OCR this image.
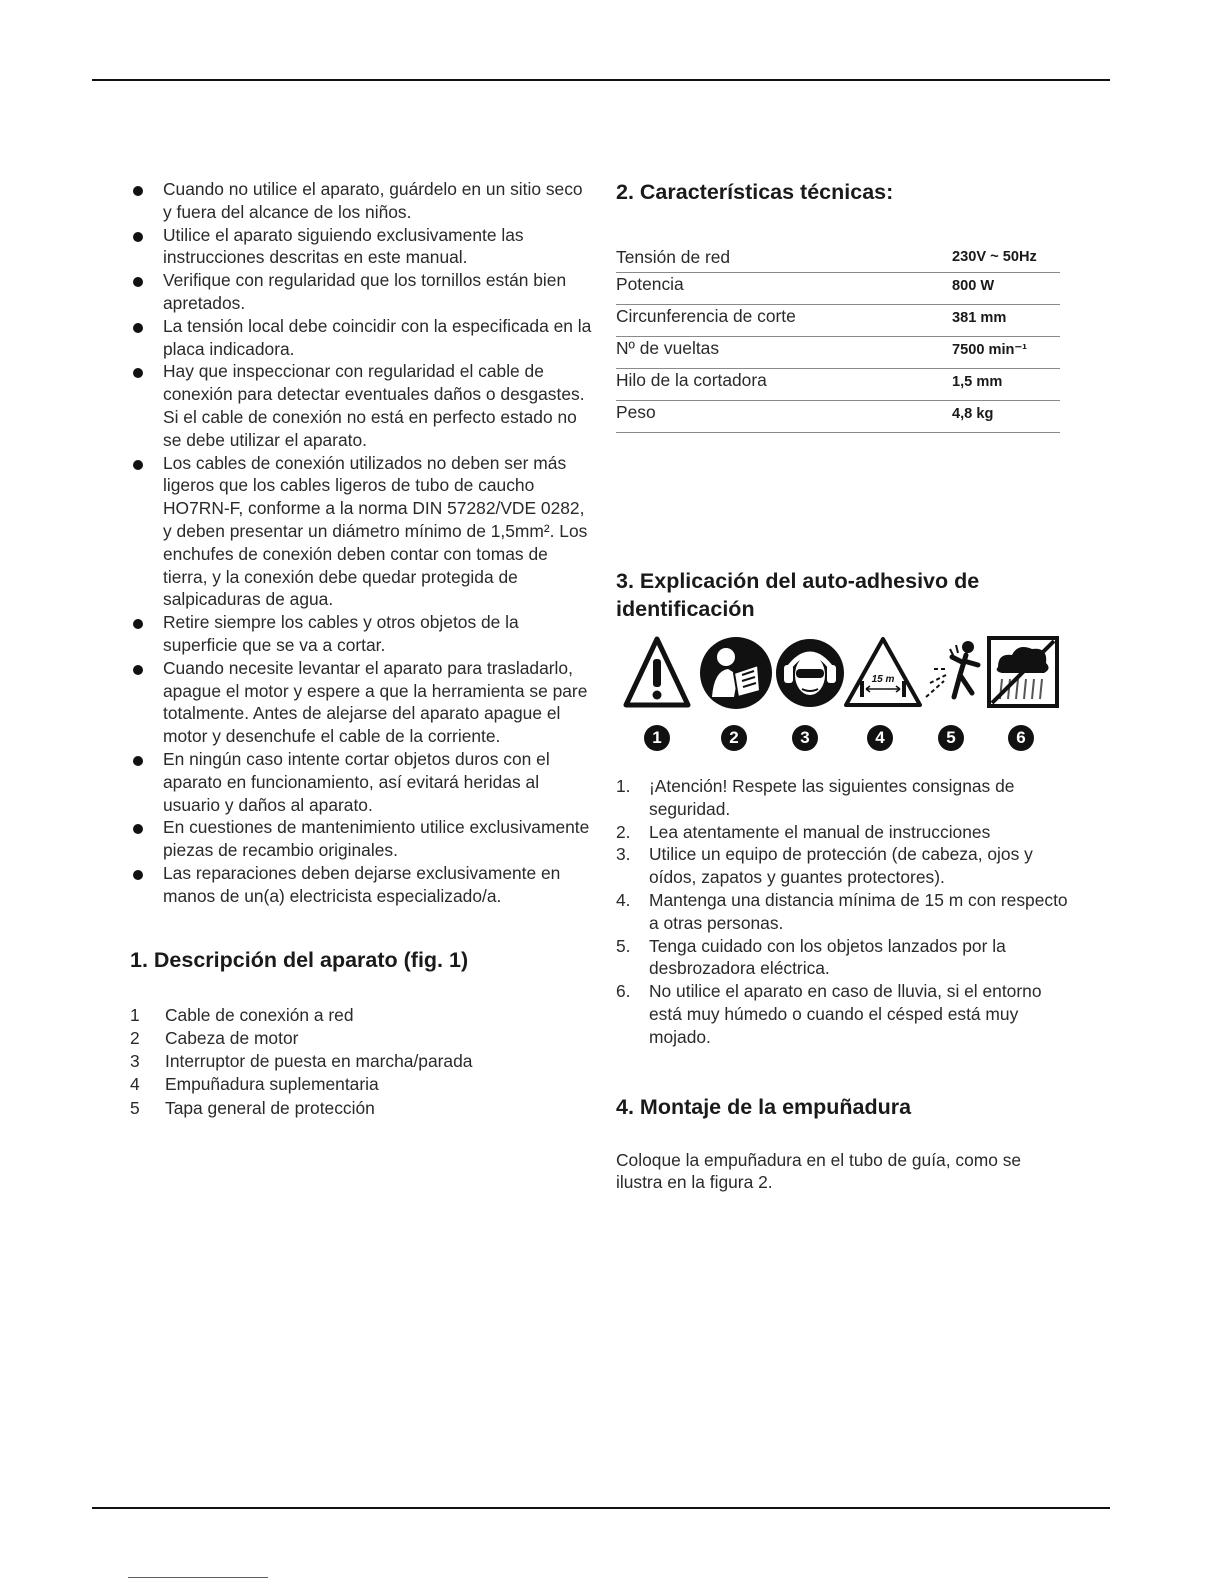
Cuando no utilice el aparato, guárdelo en un sitio seco y fuera del alcance de los niños.
Utilice el aparato siguiendo exclusivamente las instrucciones descritas en este manual.
Verifique con regularidad que los tornillos están bien apretados.
La tensión local debe coincidir con la especificada en la placa indicadora.
Hay que inspeccionar con regularidad el cable de conexión para detectar eventuales daños o desgastes. Si el cable de conexión no está en perfecto estado no se debe utilizar el aparato.
Los cables de conexión utilizados no deben ser más ligeros que los cables ligeros de tubo de caucho HO7RN-F, conforme a la norma DIN 57282/VDE 0282, y deben presentar un diámetro mínimo de 1,5mm². Los enchufes de conexión deben contar con tomas de tierra, y la conexión debe quedar protegida de salpicaduras de agua.
Retire siempre los cables y otros objetos de la superficie que se va a cortar.
Cuando necesite levantar el aparato para trasladarlo, apague el motor y espere a que la herramienta se pare totalmente. Antes de alejarse del aparato apague el motor y desenchufe el cable de la corriente.
En ningún caso intente cortar objetos duros con el aparato en funcionamiento, así evitará heridas al usuario y daños al aparato.
En cuestiones de mantenimiento utilice exclusivamente piezas de recambio originales.
Las reparaciones deben dejarse exclusivamente en manos de un(a) electricista especializado/a.
1. Descripción del aparato (fig. 1)
1	Cable de conexión a red
2	Cabeza de motor
3	Interruptor de puesta en marcha/parada
4	Empuñadura suplementaria
5	Tapa general de protección
2. Características técnicas:
Tensión de red	230V ~ 50Hz
Potencia	800 W
Circunferencia de corte	381 mm
Nº de vueltas	7500 min⁻¹
Hilo de la cortadora	1,5 mm
Peso	4,8 kg
3. Explicación del auto-adhesivo de identificación
15 m
1	2	3	4	5	6
1.	¡Atención! Respete las siguientes consignas de seguridad.
2.	Lea atentamente el manual de instrucciones
3.	Utilice un equipo de protección (de cabeza, ojos y oídos, zapatos y guantes protectores).
4.	Mantenga una distancia mínima de 15 m con respecto a otras personas.
5.	Tenga cuidado con los objetos lanzados por la desbrozadora eléctrica.
6.	No utilice el aparato en caso de lluvia, si el entorno está muy húmedo o cuando el césped está muy mojado.
4. Montaje de la empuñadura

Coloque la empuñadura en el tubo de guía, como se ilustra en la figura 2.
